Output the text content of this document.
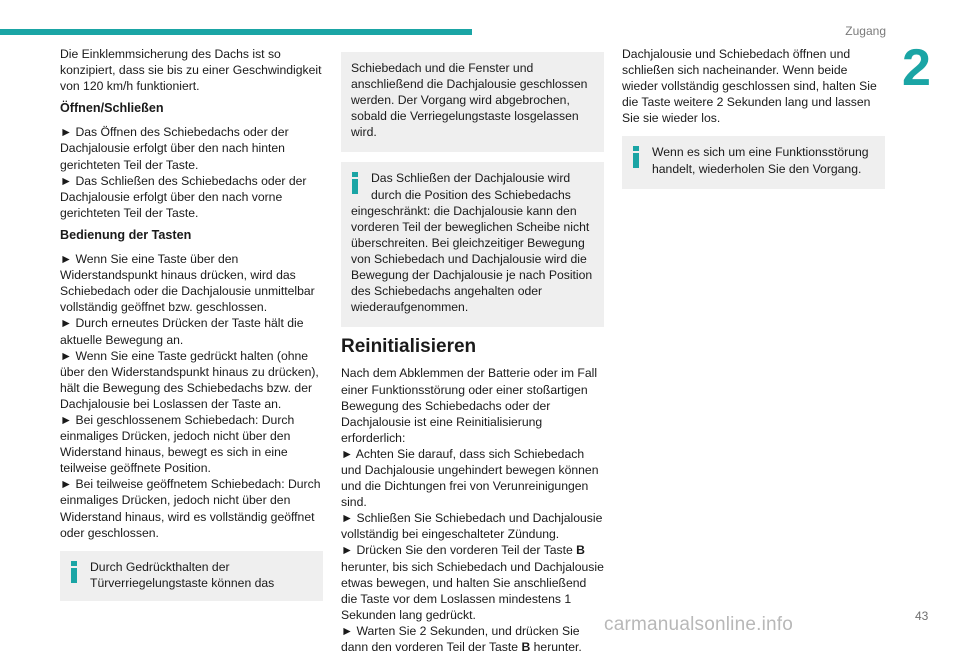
Zugang
2

Die Einklemmsicherung des Dachs ist so konzipiert, dass sie bis zu einer Geschwindigkeit von 120 km/h funktioniert.

Öffnen/Schließen

► Das Öffnen des Schiebedachs oder der Dachjalousie erfolgt über den nach hinten gerichteten Teil der Taste.

► Das Schließen des Schiebedachs oder der Dachjalousie erfolgt über den nach vorne gerichteten Teil der Taste.

Bedienung der Tasten

► Wenn Sie eine Taste über den Widerstandspunkt hinaus drücken, wird das Schiebedach oder die Dachjalousie unmittelbar vollständig geöffnet bzw. geschlossen.

► Durch erneutes Drücken der Taste hält die aktuelle Bewegung an.

► Wenn Sie eine Taste gedrückt halten (ohne über den Widerstandspunkt hinaus zu drücken), hält die Bewegung des Schiebedachs bzw. der Dachjalousie bei Loslassen der Taste an.

► Bei geschlossenem Schiebedach: Durch einmaliges Drücken, jedoch nicht über den Widerstand hinaus, bewegt es sich in eine teilweise geöffnete Position.

► Bei teilweise geöffnetem Schiebedach: Durch einmaliges Drücken, jedoch nicht über den Widerstand hinaus, wird es vollständig geöffnet oder geschlossen.

Durch Gedrückthalten der Türverriegelungstaste können das
Schiebedach und die Fenster und anschließend die Dachjalousie geschlossen werden. Der Vorgang wird abgebrochen, sobald die Verriegelungstaste losgelassen wird.
Das Schließen der Dachjalousie wird durch die Position des Schiebedachs
eingeschränkt: die Dachjalousie kann den vorderen Teil der beweglichen Scheibe nicht überschreiten. Bei gleichzeitiger Bewegung von Schiebedach und Dachjalousie wird die Bewegung der Dachjalousie je nach Position des Schiebedachs angehalten oder wiederaufgenommen.
Reinitialisieren

Nach dem Abklemmen der Batterie oder im Fall einer Funktionsstörung oder einer stoßartigen Bewegung des Schiebedachs oder der Dachjalousie ist eine Reinitialisierung erforderlich:

► Achten Sie darauf, dass sich Schiebedach und Dachjalousie ungehindert bewegen können und die Dichtungen frei von Verunreinigungen sind.

► Schließen Sie Schiebedach und Dachjalousie vollständig bei eingeschalteter Zündung.

► Drücken Sie den vorderen Teil der Taste B herunter, bis sich Schiebedach und Dachjalousie etwas bewegen, und halten Sie anschließend die Taste vor dem Loslassen mindestens 1 Sekunden lang gedrückt.

► Warten Sie 2 Sekunden, und drücken Sie dann den vorderen Teil der Taste B herunter.

Dachjalousie und Schiebedach öffnen und schließen sich nacheinander. Wenn beide wieder vollständig geschlossen sind, halten Sie die Taste weitere 2 Sekunden lang und lassen Sie sie wieder los.

Wenn es sich um eine Funktionsstörung handelt, wiederholen Sie den Vorgang.
carmanualsonline.info	43
